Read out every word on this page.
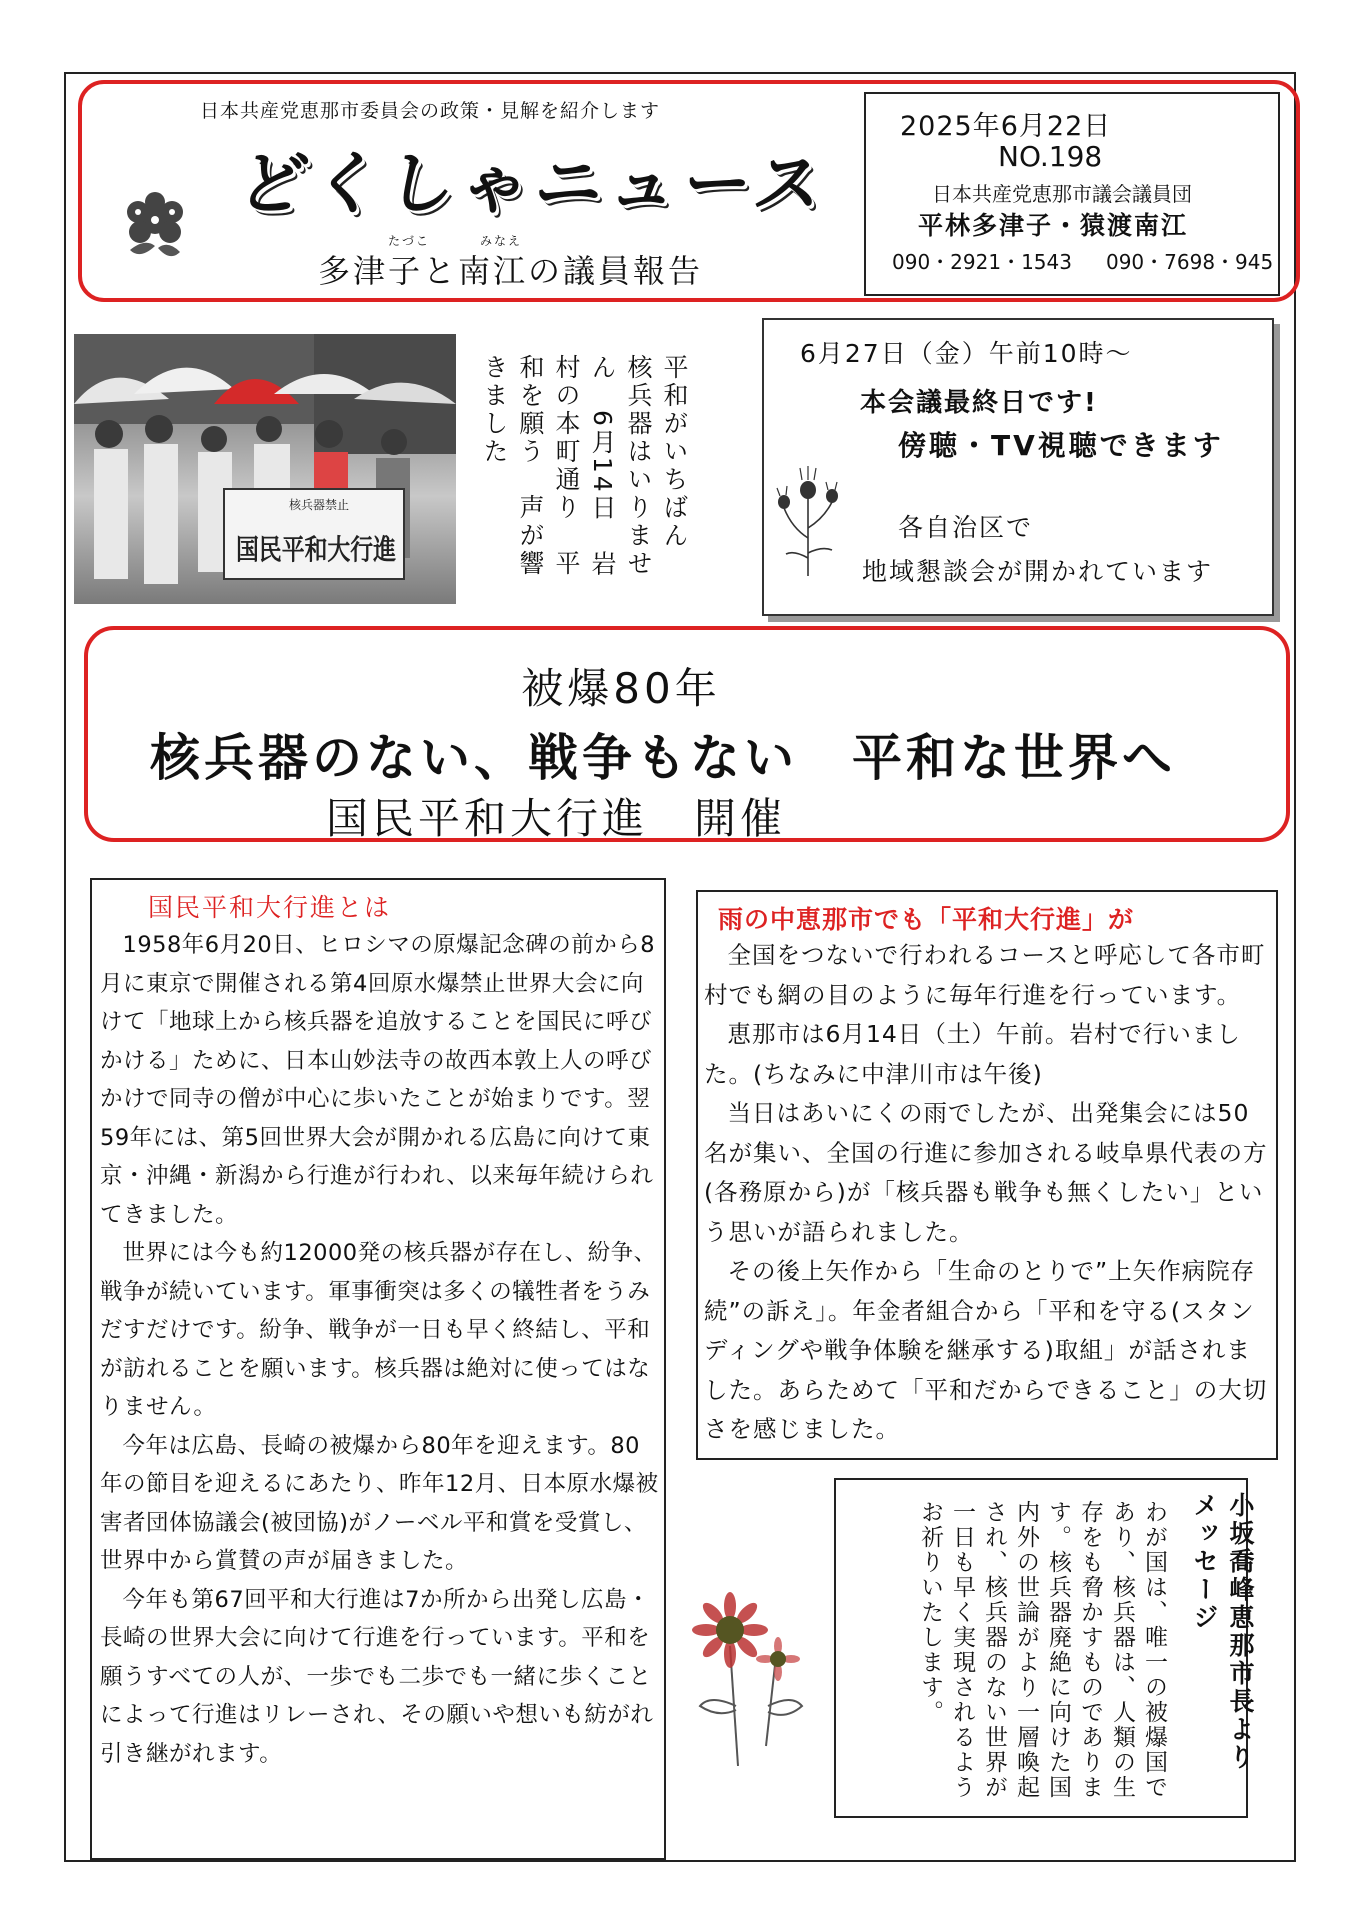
日本共産党恵那市委員会の政策・見解を紹介します
どくしゃニュース
たづこ	みなえ
多津子と南江の議員報告
2025年6月22日
NO.198
日本共産党恵那市議会議員団
平林多津子・猿渡南江
090・2921・1543 090・7698・945
核兵器禁止
国民平和大行進	平和がいちばん　核兵器はいりません　6月14日　岩村の本町通り　平和を願う　声が響きました
6月27日（金）午前10時～
本会議最終日です!
傍聴・TV視聴できます
各自治区で
地域懇談会が開かれています
被爆80年
核兵器のない、戦争もない　平和な世界へ
国民平和大行進　開催
国民平和大行進とは

1958年6月20日、ヒロシマの原爆記念碑の前から8月に東京で開催される第4回原水爆禁止世界大会に向けて「地球上から核兵器を追放することを国民に呼びかける」ために、日本山妙法寺の故西本敦上人の呼びかけで同寺の僧が中心に歩いたことが始まりです。翌59年には、第5回世界大会が開かれる広島に向けて東京・沖縄・新潟から行進が行われ、以来毎年続けられてきました。

世界には今も約12000発の核兵器が存在し、紛争、戦争が続いています。軍事衝突は多くの犠牲者をうみだすだけです。紛争、戦争が一日も早く終結し、平和が訪れることを願います。核兵器は絶対に使ってはなりません。

今年は広島、長崎の被爆から80年を迎えます。80年の節目を迎えるにあたり、昨年12月、日本原水爆被害者団体協議会(被団協)がノーベル平和賞を受賞し、世界中から賞賛の声が届きました。

今年も第67回平和大行進は7か所から出発し広島・長崎の世界大会に向けて行進を行っています。平和を願うすべての人が、一歩でも二歩でも一緒に歩くことによって行進はリレーされ、その願いや想いも紡がれ引き継がれます。

雨の中恵那市でも「平和大行進」が

全国をつないで行われるコースと呼応して各市町村でも網の目のように毎年行進を行っています。

恵那市は6月14日（土）午前。岩村で行いました。(ちなみに中津川市は午後)

当日はあいにくの雨でしたが、出発集会には50名が集い、全国の行進に参加される岐阜県代表の方(各務原から)が「核兵器も戦争も無くしたい」という思いが語られました。

その後上矢作から「生命のとりで”上矢作病院存続”の訴え」。年金者組合から「平和を守る(スタンディングや戦争体験を継承する)取組」が話されました。あらためて「平和だからできること」の大切さを感じました。

小坂喬峰恵那市長より　メッセージ
わが国は、唯一の被爆国であり、核兵器は、人類の生存をも脅かすものであります。核兵器廃絶に向けた国内外の世論がより一層喚起され、核兵器のない世界が一日も早く実現されるようお祈りいたします。
